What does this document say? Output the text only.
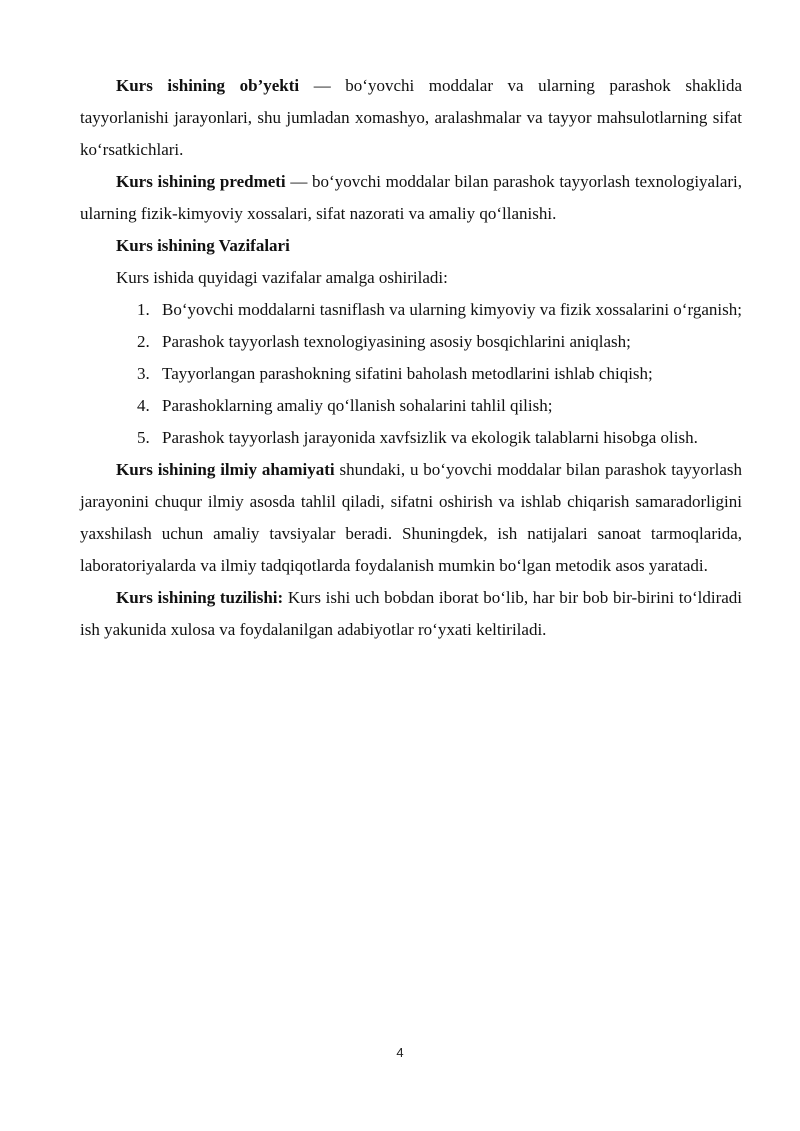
Kurs ishining ob’yekti — bo‘yovchi moddalar va ularning parashok shaklida tayyorlanishi jarayonlari, shu jumladan xomashyo, aralashmalar va tayyor mahsulotlarning sifat ko‘rsatkichlari.

Kurs ishining predmeti — bo‘yovchi moddalar bilan parashok tayyorlash texnologiyalari, ularning fizik-kimyoviy xossalari, sifat nazorati va amaliy qo‘llanishi.

Kurs ishining Vazifalari

Kurs ishida quyidagi vazifalar amalga oshiriladi:

1. Bo‘yovchi moddalarni tasniflash va ularning kimyoviy va fizik xossalarini o‘rganish;
2. Parashok tayyorlash texnologiyasining asosiy bosqichlarini aniqlash;
3. Tayyorlangan parashokning sifatini baholash metodlarini ishlab chiqish;
4. Parashoklarning amaliy qo‘llanish sohalarini tahlil qilish;
5. Parashok tayyorlash jarayonida xavfsizlik va ekologik talablarni hisobga olish.

Kurs ishining ilmiy ahamiyati shundaki, u bo‘yovchi moddalar bilan parashok tayyorlash jarayonini chuqur ilmiy asosda tahlil qiladi, sifatni oshirish va ishlab chiqarish samaradorligini yaxshilash uchun amaliy tavsiyalar beradi. Shuningdek, ish natijalari sanoat tarmoqlarida, laboratoriyalarda va ilmiy tadqiqotlarda foydalanish mumkin bo‘lgan metodik asos yaratadi.

Kurs ishining tuzilishi: Kurs ishi uch bobdan iborat bo‘lib, har bir bob bir-birini to‘ldiradi ish yakunida xulosa va foydalanilgan adabiyotlar ro‘yxati keltiriladi.

4
